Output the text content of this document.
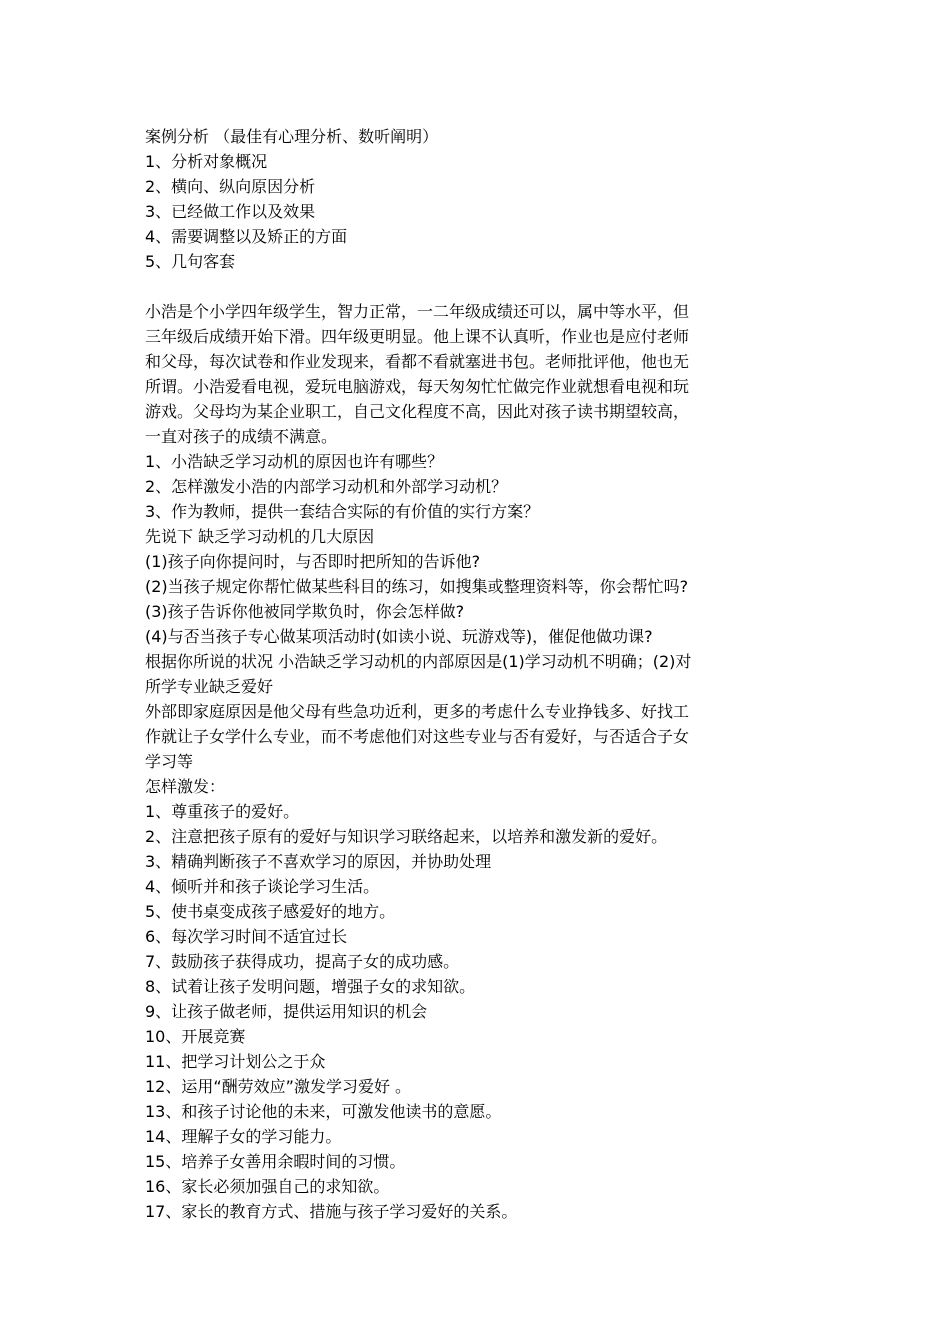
案例分析 （最佳有心理分析、数听阐明）
1、分析对象概况
2、横向、纵向原因分析
3、已经做工作以及效果
4、需要调整以及矫正的方面
5、几句客套
小浩是个小学四年级学生，智力正常，一二年级成绩还可以，属中等水平，但
三年级后成绩开始下滑。四年级更明显。他上课不认真听，作业也是应付老师
和父母，每次试卷和作业发现来，看都不看就塞进书包。老师批评他，他也无
所谓。小浩爱看电视，爱玩电脑游戏，每天匆匆忙忙做完作业就想看电视和玩
游戏。父母均为某企业职工，自己文化程度不高，因此对孩子读书期望较高，
一直对孩子的成绩不满意。
1、小浩缺乏学习动机的原因也许有哪些？
2、怎样激发小浩的内部学习动机和外部学习动机？
3、作为教师，提供一套结合实际的有价值的实行方案？
先说下 缺乏学习动机的几大原因
(1)孩子向你提问时，与否即时把所知的告诉他?
(2)当孩子规定你帮忙做某些科目的练习，如搜集或整理资料等，你会帮忙吗?
(3)孩子告诉你他被同学欺负时，你会怎样做?
(4)与否当孩子专心做某项活动时(如读小说、玩游戏等)，催促他做功课?
根据你所说的状况 小浩缺乏学习动机的内部原因是(1)学习动机不明确；(2)对
所学专业缺乏爱好
外部即家庭原因是他父母有些急功近利，更多的考虑什么专业挣钱多、好找工
作就让子女学什么专业，而不考虑他们对这些专业与否有爱好，与否适合子女
学习等
怎样激发：
1、尊重孩子的爱好。
2、注意把孩子原有的爱好与知识学习联络起来，以培养和激发新的爱好。
3、精确判断孩子不喜欢学习的原因，并协助处理
4、倾听并和孩子谈论学习生活。
5、使书桌变成孩子感爱好的地方。
6、每次学习时间不适宜过长
7、鼓励孩子获得成功，提高子女的成功感。
8、试着让孩子发明问题，增强子女的求知欲。
9、让孩子做老师，提供运用知识的机会
10、开展竞赛
11、把学习计划公之于众
12、运用“酬劳效应”激发学习爱好 。
13、和孩子讨论他的未来，可激发他读书的意愿。
14、理解子女的学习能力。
15、培养子女善用余暇时间的习惯。
16、家长必须加强自己的求知欲。
17、家长的教育方式、措施与孩子学习爱好的关系。
